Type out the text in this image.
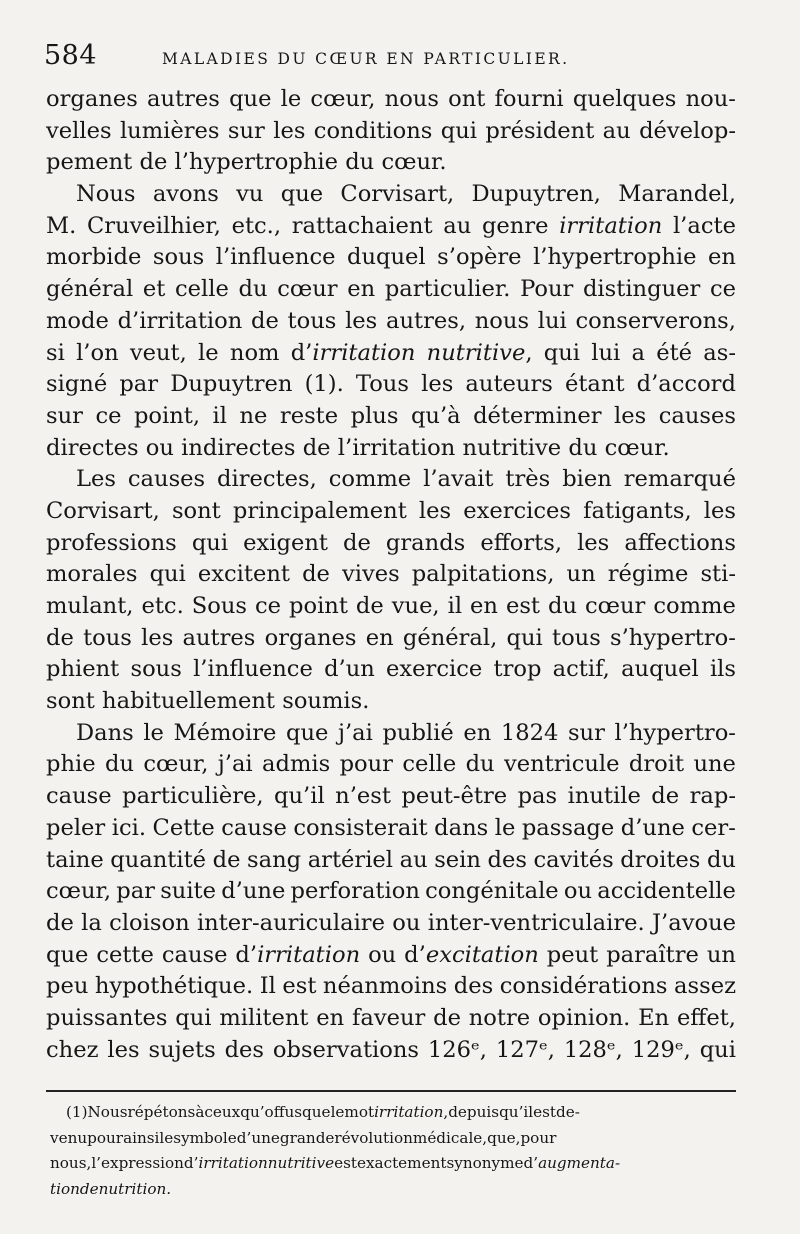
584	MALADIES DU CŒUR EN PARTICULIER.
organes autres que le cœur, nous ont fourni quelques nou-
velles lumières sur les conditions qui président au dévelop-
pement de l’hypertrophie du cœur.
Nous avons vu que Corvisart, Dupuytren, Marandel,
M. Cruveilhier, etc., rattachaient au genre irritation l’acte
morbide sous l’influence duquel s’opère l’hypertrophie en
général et celle du cœur en particulier. Pour distinguer ce
mode d’irritation de tous les autres, nous lui conserverons,
si l’on veut, le nom d’irritation nutritive, qui lui a été as-
signé par Dupuytren (1). Tous les auteurs étant d’accord
sur ce point, il ne reste plus qu’à déterminer les causes
directes ou indirectes de l’irritation nutritive du cœur.
Les causes directes, comme l’avait très bien remarqué
Corvisart, sont principalement les exercices fatigants, les
professions qui exigent de grands efforts, les affections
morales qui excitent de vives palpitations, un régime sti-
mulant, etc. Sous ce point de vue, il en est du cœur comme
de tous les autres organes en général, qui tous s’hypertro-
phient sous l’influence d’un exercice trop actif, auquel ils
sont habituellement soumis.
Dans le Mémoire que j’ai publié en 1824 sur l’hypertro-
phie du cœur, j’ai admis pour celle du ventricule droit une
cause particulière, qu’il n’est peut-être pas inutile de rap-
peler ici. Cette cause consisterait dans le passage d’une cer-
taine quantité de sang artériel au sein des cavités droites du
cœur, par suite d’une perforation congénitale ou accidentelle
de la cloison inter-auriculaire ou inter-ventriculaire. J’avoue
que cette cause d’irritation ou d’excitation peut paraître un
peu hypothétique. Il est néanmoins des considérations assez
puissantes qui militent en faveur de notre opinion. En effet,
chez les sujets des observations 126ᵉ, 127ᵉ, 128ᵉ, 129ᵉ, qui
(1)Nousrépétonsàceuxqu’offusquelemotirritation,depuisqu’ilestde-
venupourainsilesymboled’unegranderévolutionmédicale,que,pour
nous,l’expressiond’irritationnutritiveestexactementsynonymed’augmenta-
tiondenutrition.
